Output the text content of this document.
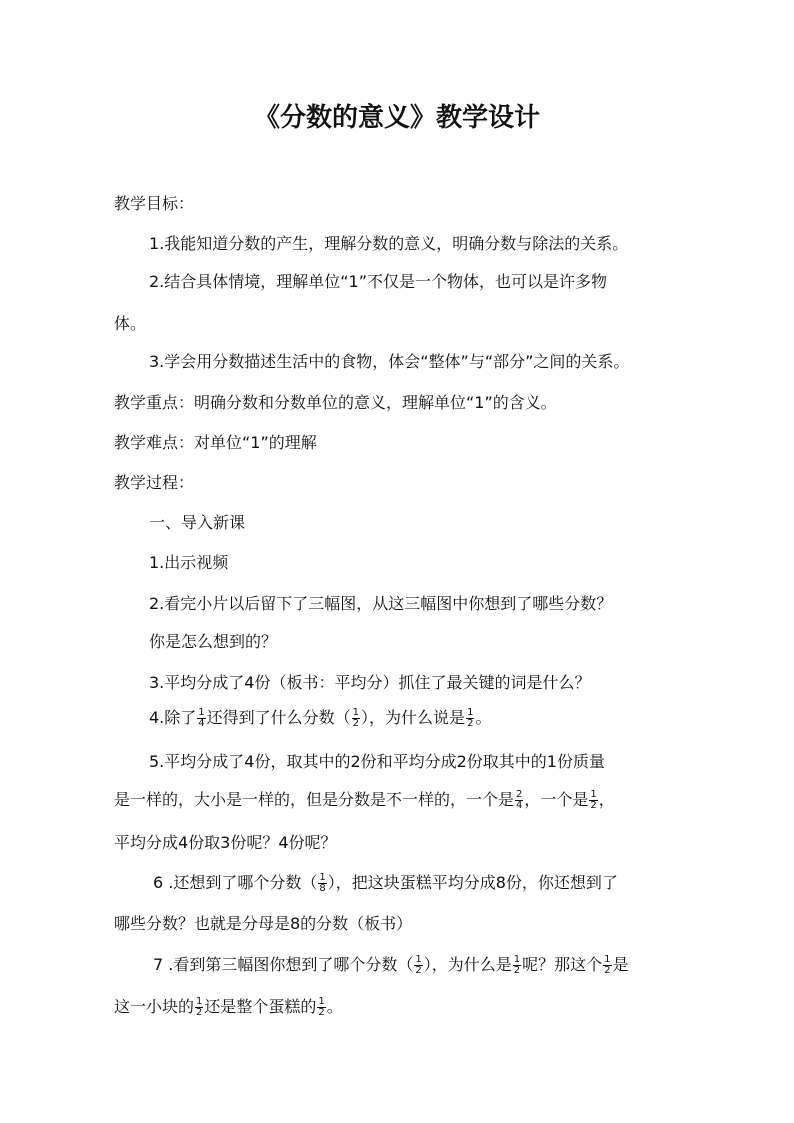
《分数的意义》教学设计
教学目标：
1.我能知道分数的产生，理解分数的意义，明确分数与除法的关系。
2.结合具体情境，理解单位“1”不仅是一个物体，也可以是许多物
体。
3.学会用分数描述生活中的食物，体会“整体”与“部分”之间的关系。
教学重点：明确分数和分数单位的意义，理解单位“1”的含义。
教学难点：对单位“1”的理解
教学过程：
一、导入新课
1.出示视频
2.看完小片以后留下了三幅图，从这三幅图中你想到了哪些分数？
你是怎么想到的？
3.平均分成了4份（板书：平均分）抓住了最关键的词是什么？
4.除了 $\frac{1}{4}$ 还得到了什么分数（ $\frac{1}{2}$ ），为什么说是 $\frac{1}{2}$ 。
5.平均分成了4份，取其中的2份和平均分成2份取其中的1份质量
是一样的，大小是一样的，但是分数是不一样的，一个是 $\frac{2}{4}$ ，一个是 $\frac{1}{2}$ ，
平均分成4份取3份呢？4份呢？
6 .还想到了哪个分数（ $\frac{1}{8}$ ），把这块蛋糕平均分成8份，你还想到了
哪些分数？也就是分母是8的分数（板书）
7 .看到第三幅图你想到了哪个分数（ $\frac{1}{2}$ ），为什么是 $\frac{1}{2}$ 呢？那这个 $\frac{1}{2}$ 是
这一小块的 $\frac{1}{2}$ 还是整个蛋糕的 $\frac{1}{2}$ 。
